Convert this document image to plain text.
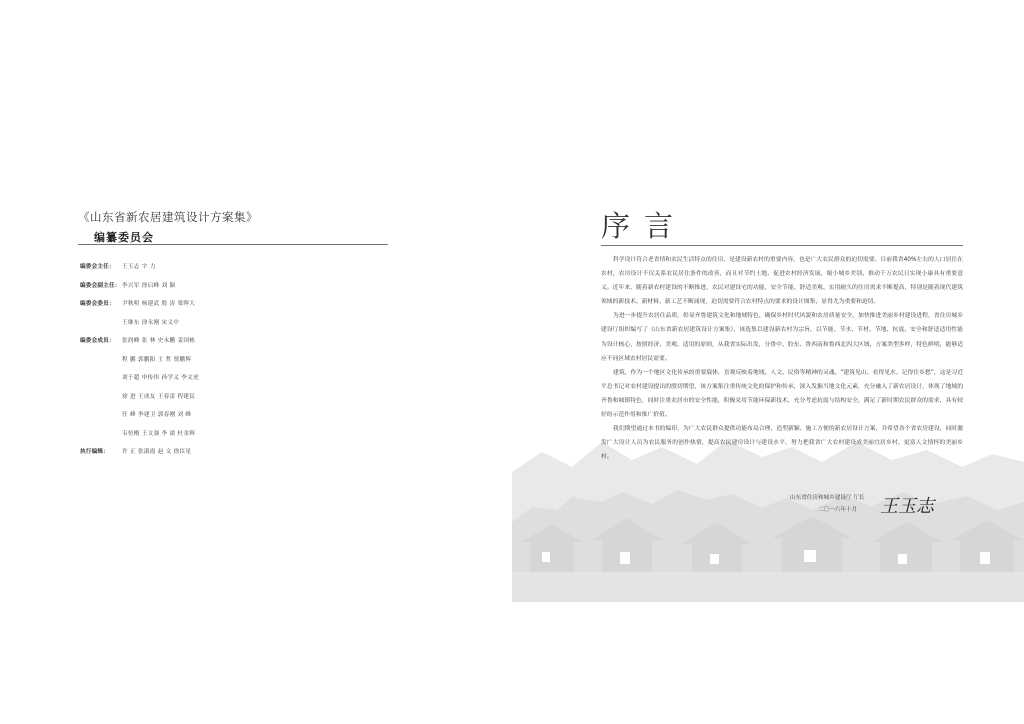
《山东省新农居建筑设计方案集》
编纂委员会
编委会主任：	王玉志 宇 力
编委会副主任： 李兴军 徐启峰 刘 颖
编委会委员：	尹秋明 杨建武 殷 涛 梁晖大
王继东 徐永刚 宋义中
编委会成员：	张润峰 张 林 史永鹏 姜国栋
程 鹏 郭鹏阳 王 哲 贾鹏辉
刘于超 申传伟 孙学义 李文虎
徐 进 王成友 王春雷 程建民
任 峰 李建卫 郭春刚 刘 峰
韦恒刚 王文强 李 潼 杜金辉
执行编辑：	许 正 张淑霞 赵 文 徐臣星
序言

科学设计符合老省情和农民生活特点的住房，是建设新农村的重要内容，也是广大农民群众的迫切需要。目前我省40%左右的人口居住在农村，农房设计不仅关系农民居住条件的改善，而且对节约土地、促进农村经济发展、缩小城乡差别、推动千万农民日实现小康具有重要意义。近年来，随着新农村建设的不断推进，农民对建设宅的功能、安全节能、舒适美观、实用耐久的住房需求不断提高，特别是随着现代建筑领域的新技术、新材料、新工艺不断涌现，迫切需要符合农村特点的要求的设计图集，显得尤为重要和迫切。

为进一步提升农居住品质，彰显齐鲁建筑文化和地域特色，确保乡村时代风貌和农房质量安全，加快推进美丽乡村建设进程，省住房城乡建设厅组织编写了《山东省新农居建筑设计方案集》，该选集以建设新农村为宗旨，以节能、节水、节材、节地、抗震、安全和舒适适用性能为设计核心，按照经济、美观、适用的原则，从我省实际出发，分鲁中、胶东、鲁西南和鲁西北四大区域，方案类型多样，特色鲜明，能够适应不同区域农村居民需要。

建筑，作为一个地区文化传承的重要载体，直观反映着地域、人文、民俗等精神的灵魂。“建筑见山、看得见水、记得住乡愁”，这是习近平总书记对农村建设提出的殷切期望，该方案集注重传统文化的保护和传承，深入发掘当地文化元素，充分融入了新农居设计，体现了地域的齐鲁和城镇特色，同时注重农居市的安全性能，积极采用节能环保新技术，充分考虑抗震与结构安全，满足了新时期农民群众的需求，具有较好的示范作用和推广价值。

我们期望通过本书的编印，为广大农民群众提供功能布局合理、造型新颖、施工方便的新农居设计方案，并希望各个省农房建设，同时激发广大设计人员为农民服务的创作热情，提高农民建房设计与建设水平，努力把我省广大农村建设成美丽宜居乡村、更富人文情怀的美丽乡村。

山东省住房和城乡建设厅 厅长
二〇一六年十月	王玉志
